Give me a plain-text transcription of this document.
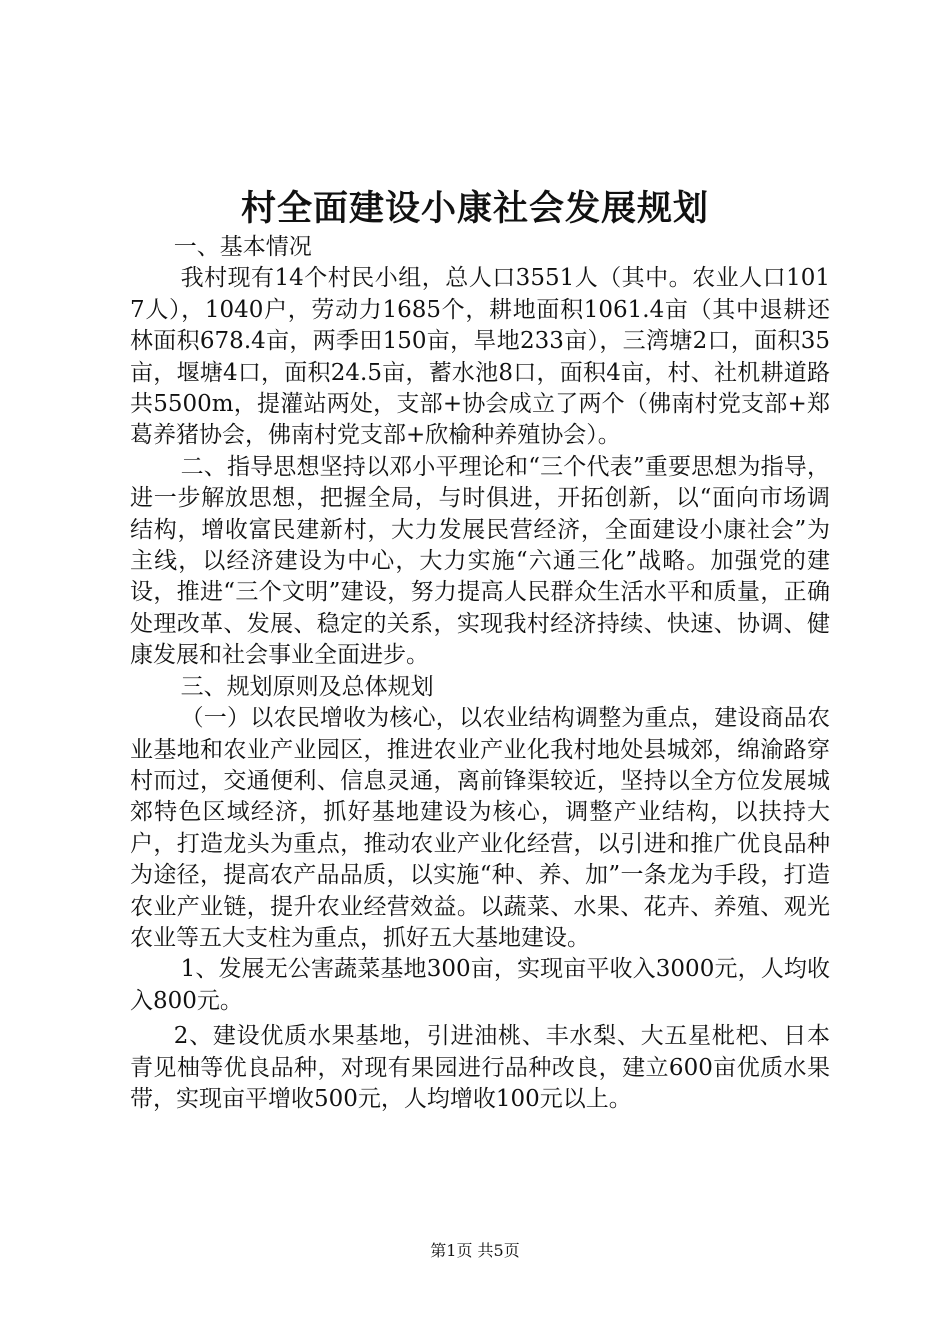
村全面建设小康社会发展规划

一、基本情况

我村现有14个村民小组，总人口3551人（其中。农业人口1017人），1040户，劳动力1685个，耕地面积1061.4亩（其中退耕还林面积678.4亩，两季田150亩，旱地233亩），三湾塘2口，面积35亩，堰塘4口，面积24.5亩，蓄水池8口，面积4亩，村、社机耕道路共5500m，提灌站两处，支部+协会成立了两个（佛南村党支部+郑葛养猪协会，佛南村党支部+欣榆种养殖协会）。

二、指导思想坚持以邓小平理论和“三个代表”重要思想为指导，进一步解放思想，把握全局，与时俱进，开拓创新，以“面向市场调结构，增收富民建新村，大力发展民营经济，全面建设小康社会”为主线，以经济建设为中心，大力实施“六通三化”战略。加强党的建设，推进“三个文明”建设，努力提高人民群众生活水平和质量，正确处理改革、发展、稳定的关系，实现我村经济持续、快速、协调、健康发展和社会事业全面进步。

三、规划原则及总体规划

（一）以农民增收为核心，以农业结构调整为重点，建设商品农业基地和农业产业园区，推进农业产业化我村地处县城郊，绵渝路穿村而过，交通便利、信息灵通，离前锋渠较近，坚持以全方位发展城郊特色区域经济，抓好基地建设为核心，调整产业结构，以扶持大户，打造龙头为重点，推动农业产业化经营，以引进和推广优良品种为途径，提高农产品品质，以实施“种、养、加”一条龙为手段，打造农业产业链，提升农业经营效益。以蔬菜、水果、花卉、养殖、观光农业等五大支柱为重点，抓好五大基地建设。

1、发展无公害蔬菜基地300亩，实现亩平收入3000元，人均收入800元。

2、建设优质水果基地，引进油桃、丰水梨、大五星枇杷、日本青见柚等优良品种，对现有果园进行品种改良，建立600亩优质水果带，实现亩平增收500元，人均增收100元以上。

第1页 共5页
